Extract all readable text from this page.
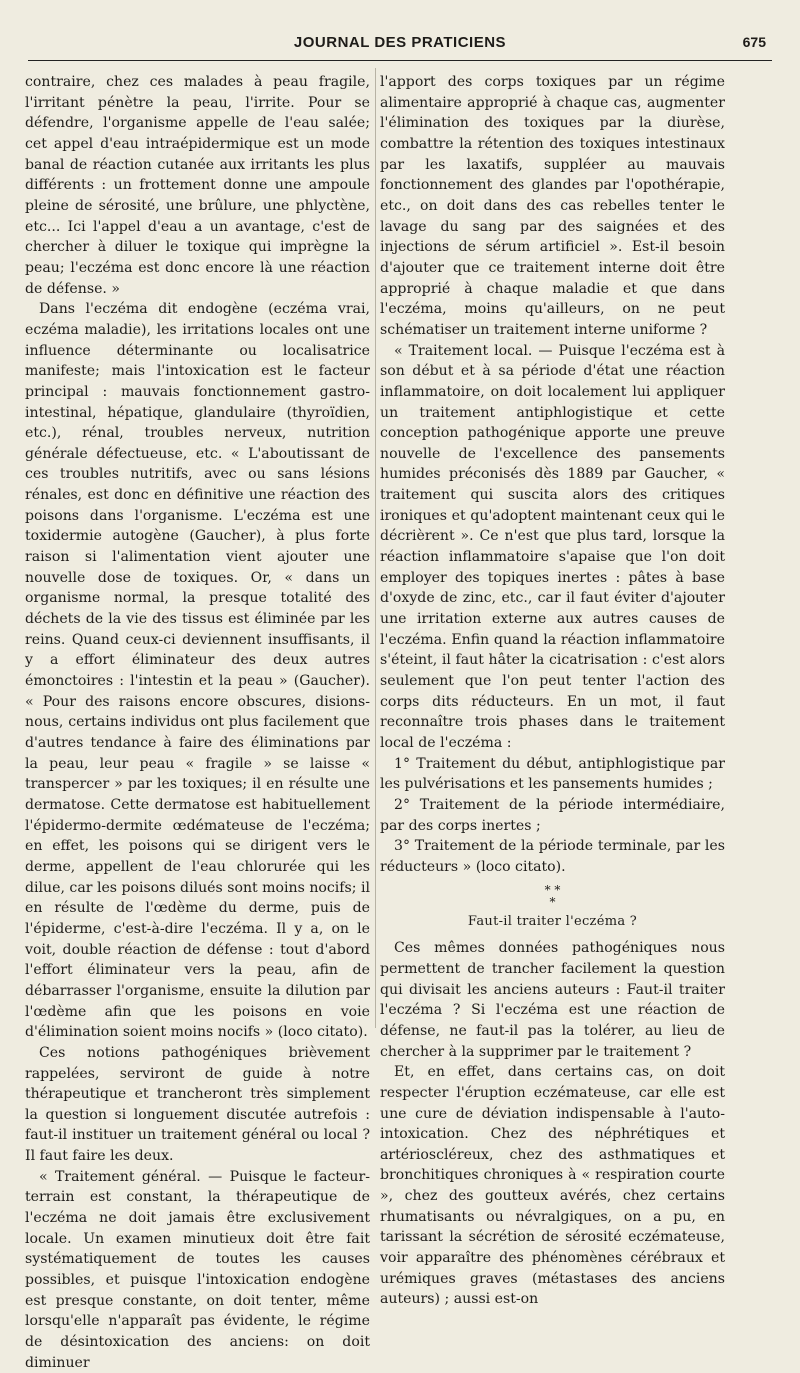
JOURNAL DES PRATICIENS	675

contraire, chez ces malades à peau fragile, l'irritant pénètre la peau, l'irrite. Pour se défendre, l'organisme appelle de l'eau salée; cet appel d'eau intraépidermique est un mode banal de réaction cutanée aux irritants les plus différents : un frottement donne une ampoule pleine de sérosité, une brûlure, une phlyctène, etc... Ici l'appel d'eau a un avantage, c'est de chercher à diluer le toxique qui imprègne la peau; l'eczéma est donc encore là une réaction de défense. »

Dans l'eczéma dit endogène (eczéma vrai, eczéma maladie), les irritations locales ont une influence déterminante ou localisatrice manifeste; mais l'intoxication est le facteur principal : mauvais fonctionnement gastro-intestinal, hépatique, glandulaire (thyroïdien, etc.), rénal, troubles nerveux, nutrition générale défectueuse, etc. « L'aboutissant de ces troubles nutritifs, avec ou sans lésions rénales, est donc en définitive une réaction des poisons dans l'organisme. L'eczéma est une toxidermie autogène (Gaucher), à plus forte raison si l'alimentation vient ajouter une nouvelle dose de toxiques. Or, « dans un organisme normal, la presque totalité des déchets de la vie des tissus est éliminée par les reins. Quand ceux-ci deviennent insuffisants, il y a effort éliminateur des deux autres émonctoires : l'intestin et la peau » (Gaucher). « Pour des raisons encore obscures, disions-nous, certains individus ont plus facilement que d'autres tendance à faire des éliminations par la peau, leur peau « fragile » se laisse « transpercer » par les toxiques; il en résulte une dermatose. Cette dermatose est habituellement l'épidermo-dermite œdémateuse de l'eczéma; en effet, les poisons qui se dirigent vers le derme, appellent de l'eau chlorurée qui les dilue, car les poisons dilués sont moins nocifs; il en résulte de l'œdème du derme, puis de l'épiderme, c'est-à-dire l'eczéma. Il y a, on le voit, double réaction de défense : tout d'abord l'effort éliminateur vers la peau, afin de débarrasser l'organisme, ensuite la dilution par l'œdème afin que les poisons en voie d'élimination soient moins nocifs » (loco citato).

Ces notions pathogéniques brièvement rappelées, serviront de guide à notre thérapeutique et trancheront très simplement la question si longuement discutée autrefois : faut-il instituer un traitement général ou local ? Il faut faire les deux.

« Traitement général. — Puisque le facteur-terrain est constant, la thérapeutique de l'eczéma ne doit jamais être exclusivement locale. Un examen minutieux doit être fait systématiquement de toutes les causes possibles, et puisque l'intoxication endogène est presque constante, on doit tenter, même lorsqu'elle n'apparaît pas évidente, le régime de désintoxication des anciens: on doit diminuer

l'apport des corps toxiques par un régime alimentaire approprié à chaque cas, augmenter l'élimination des toxiques par la diurèse, combattre la rétention des toxiques intestinaux par les laxatifs, suppléer au mauvais fonctionnement des glandes par l'opothérapie, etc., on doit dans des cas rebelles tenter le lavage du sang par des saignées et des injections de sérum artificiel ». Est-il besoin d'ajouter que ce traitement interne doit être approprié à chaque maladie et que dans l'eczéma, moins qu'ailleurs, on ne peut schématiser un traitement interne uniforme ?

« Traitement local. — Puisque l'eczéma est à son début et à sa période d'état une réaction inflammatoire, on doit localement lui appliquer un traitement antiphlogistique et cette conception pathogénique apporte une preuve nouvelle de l'excellence des pansements humides préconisés dès 1889 par Gaucher, « traitement qui suscita alors des critiques ironiques et qu'adoptent maintenant ceux qui le décrièrent ». Ce n'est que plus tard, lorsque la réaction inflammatoire s'apaise que l'on doit employer des topiques inertes : pâtes à base d'oxyde de zinc, etc., car il faut éviter d'ajouter une irritation externe aux autres causes de l'eczéma. Enfin quand la réaction inflammatoire s'éteint, il faut hâter la cicatrisation : c'est alors seulement que l'on peut tenter l'action des corps dits réducteurs. En un mot, il faut reconnaître trois phases dans le traitement local de l'eczéma :

1° Traitement du début, antiphlogistique par les pulvérisations et les pansements humides ;

2° Traitement de la période intermédiaire, par des corps inertes ;

3° Traitement de la période terminale, par les réducteurs » (loco citato).

* *
*
Faut-il traiter l'eczéma ?

Ces mêmes données pathogéniques nous permettent de trancher facilement la question qui divisait les anciens auteurs : Faut-il traiter l'eczéma ? Si l'eczéma est une réaction de défense, ne faut-il pas la tolérer, au lieu de chercher à la supprimer par le traitement ?

Et, en effet, dans certains cas, on doit respecter l'éruption eczémateuse, car elle est une cure de déviation indispensable à l'auto-intoxication. Chez des néphrétiques et artérioscléreux, chez des asthmatiques et bronchitiques chroniques à « respiration courte », chez des goutteux avérés, chez certains rhumatisants ou névralgiques, on a pu, en tarissant la sécrétion de sérosité eczémateuse, voir apparaître des phénomènes cérébraux et urémiques graves (métastases des anciens auteurs) ; aussi est-on
